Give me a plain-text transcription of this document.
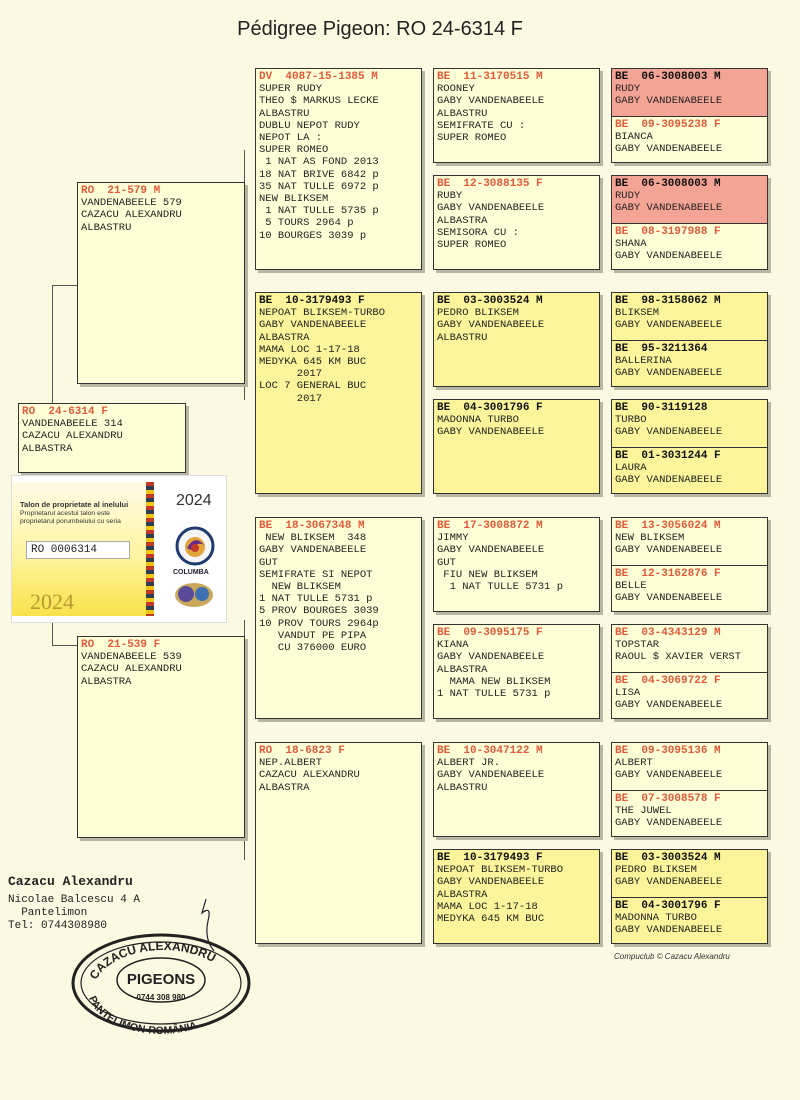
Pédigree Pigeon: RO 24-6314 F
RO  24-6314 F
VANDENABEELE 314
CAZACU ALEXANDRU
ALBASTRA
RO  21-579 M
VANDENABEELE 579
CAZACU ALEXANDRU
ALBASTRU
RO  21-539 F
VANDENABEELE 539
CAZACU ALEXANDRU
ALBASTRA
DV  4087-15-1385 M
SUPER RUDY
THEO $ MARKUS LECKE
ALBASTRU
DUBLU NEPOT RUDY
NEPOT LA :
SUPER ROMEO
1 NAT AS FOND 2013
18 NAT BRIVE 6842 p
35 NAT TULLE 6972 p
NEW BLIKSEM
1 NAT TULLE 5735 p
5 TOURS 2964 p
10 BOURGES 3039 p
BE  10-3179493 F
NEPOAT BLIKSEM-TURBO
GABY VANDENABEELE
ALBASTRA
MAMA LOC 1-17-18
MEDYKA 645 KM BUC
2017
LOC 7 GENERAL BUC
2017
BE  18-3067348 M
NEW BLIKSEM  348
GABY VANDENABEELE
GUT
SEMIFRATE SI NEPOT
NEW BLIKSEM
1 NAT TULLE 5731 p
5 PROV BOURGES 3039
10 PROV TOURS 2964p
VANDUT PE PIPA
CU 376000 EURO
RO  18-6823 F
NEP.ALBERT
CAZACU ALEXANDRU
ALBASTRA
BE  11-3170515 M
ROONEY
GABY VANDENABEELE
ALBASTRU
SEMIFRATE CU :
SUPER ROMEO
BE  12-3088135 F
RUBY
GABY VANDENABEELE
ALBASTRA
SEMISORA CU :
SUPER ROMEO
BE  03-3003524 M
PEDRO BLIKSEM
GABY VANDENABEELE
ALBASTRU
BE  04-3001796 F
MADONNA TURBO
GABY VANDENABEELE
BE  17-3008872 M
JIMMY
GABY VANDENABEELE
GUT
FIU NEW BLIKSEM
1 NAT TULLE 5731 p
BE  09-3095175 F
KIANA
GABY VANDENABEELE
ALBASTRA
MAMA NEW BLIKSEM
1 NAT TULLE 5731 p
BE  10-3047122 M
ALBERT JR.
GABY VANDENABEELE
ALBASTRU
BE  10-3179493 F
NEPOAT BLIKSEM-TURBO
GABY VANDENABEELE
ALBASTRA
MAMA LOC 1-17-18
MEDYKA 645 KM BUC
BE  06-3008003 M
RUDY
GABY VANDENABEELE
BE  09-3095238 F
BIANCA
GABY VANDENABEELE
BE  06-3008003 M
RUDY
GABY VANDENABEELE
BE  08-3197988 F
SHANA
GABY VANDENABEELE
BE  98-3158062 M
BLIKSEM
GABY VANDENABEELE
BE  95-3211364
BALLERINA
GABY VANDENABEELE
BE  90-3119128
TURBO
GABY VANDENABEELE
BE  01-3031244 F
LAURA
GABY VANDENABEELE
BE  13-3056024 M
NEW BLIKSEM
GABY VANDENABEELE
BE  12-3162876 F
BELLE
GABY VANDENABEELE
BE  03-4343129 M
TOPSTAR
RAOUL $ XAVIER VERST
BE  04-3069722 F
LISA
GABY VANDENABEELE
BE  09-3095136 M
ALBERT
GABY VANDENABEELE
BE  07-3008578 F
THE JUWEL
GABY VANDENABEELE
BE  03-3003524 M
PEDRO BLIKSEM
GABY VANDENABEELE
BE  04-3001796 F
MADONNA TURBO
GABY VANDENABEELE
Cazacu Alexandru
Nicolae Balcescu 4 A
Pantelimon
Tel: 0744308980
Compuclub © Cazacu Alexandru
Talon de proprietate al inelului
Proprietarul acestui talon este proprietarul porumbelului cu seria
RO 0006314
2024
2024
COLUMBA
CAZACU ALEXANDRU
PIGEONS
0744 308 980
PANTELIMON-ROMÂNIA
